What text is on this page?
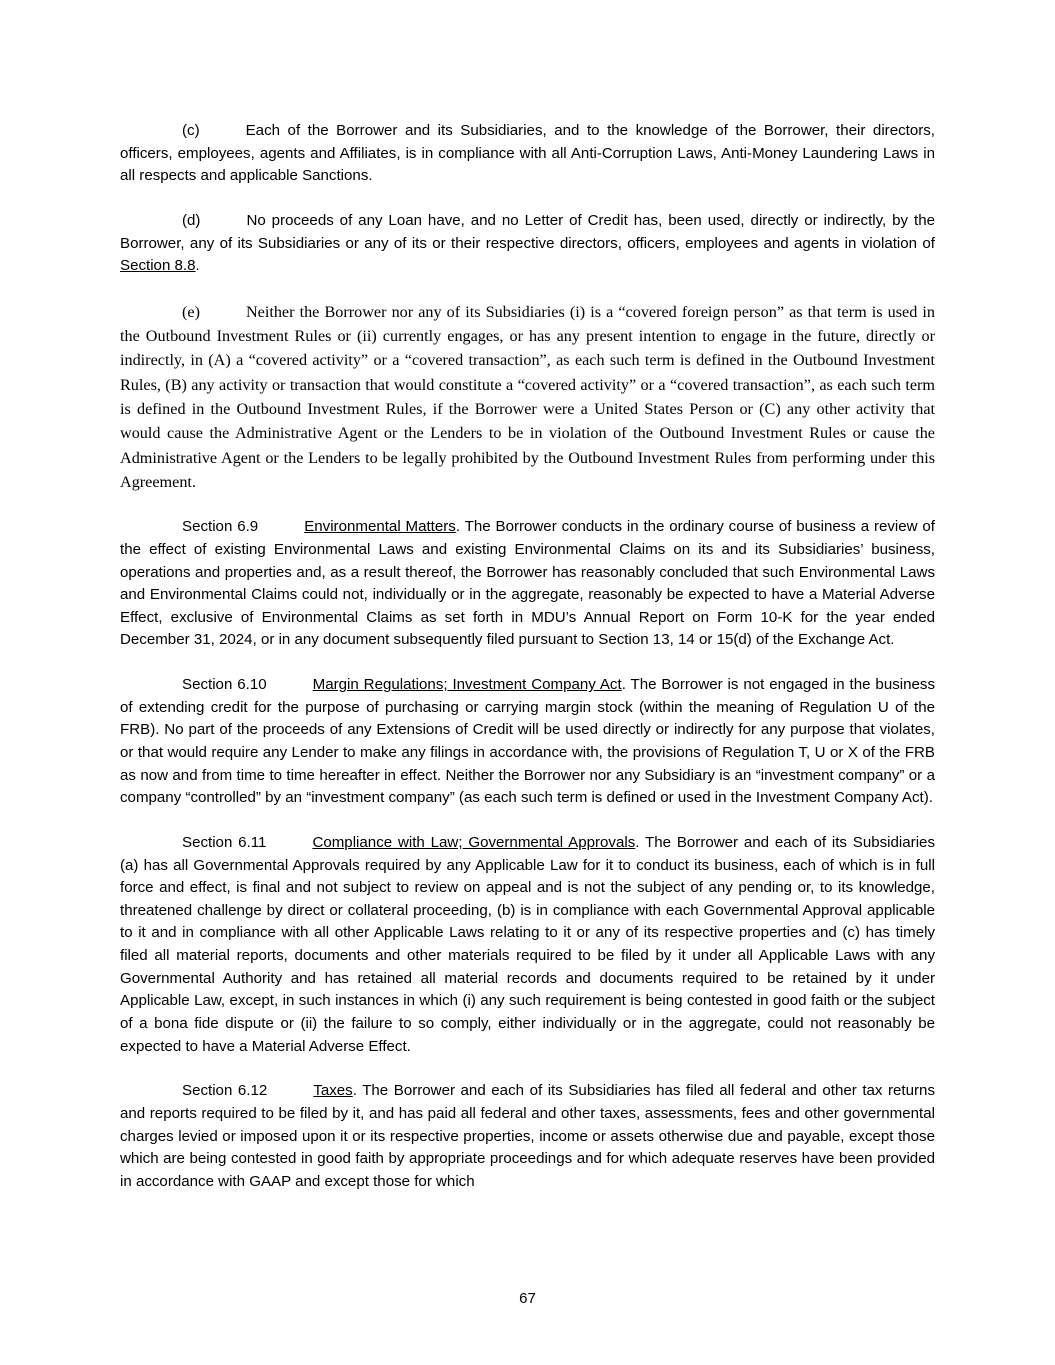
(c)	Each of the Borrower and its Subsidiaries, and to the knowledge of the Borrower, their directors, officers, employees, agents and Affiliates, is in compliance with all Anti-Corruption Laws, Anti-Money Laundering Laws in all respects and applicable Sanctions.

(d)	No proceeds of any Loan have, and no Letter of Credit has, been used, directly or indirectly, by the Borrower, any of its Subsidiaries or any of its or their respective directors, officers, employees and agents in violation of Section 8.8.

(e)	Neither the Borrower nor any of its Subsidiaries (i) is a “covered foreign person” as that term is used in the Outbound Investment Rules or (ii) currently engages, or has any present intention to engage in the future, directly or indirectly, in (A) a “covered activity” or a “covered transaction”, as each such term is defined in the Outbound Investment Rules, (B) any activity or transaction that would constitute a “covered activity” or a “covered transaction”, as each such term is defined in the Outbound Investment Rules, if the Borrower were a United States Person or (C) any other activity that would cause the Administrative Agent or the Lenders to be in violation of the Outbound Investment Rules or cause the Administrative Agent or the Lenders to be legally prohibited by the Outbound Investment Rules from performing under this Agreement.

Section 6.9	Environmental Matters. The Borrower conducts in the ordinary course of business a review of the effect of existing Environmental Laws and existing Environmental Claims on its and its Subsidiaries’ business, operations and properties and, as a result thereof, the Borrower has reasonably concluded that such Environmental Laws and Environmental Claims could not, individually or in the aggregate, reasonably be expected to have a Material Adverse Effect, exclusive of Environmental Claims as set forth in MDU’s Annual Report on Form 10-K for the year ended December 31, 2024, or in any document subsequently filed pursuant to Section 13, 14 or 15(d) of the Exchange Act.

Section 6.10	Margin Regulations; Investment Company Act. The Borrower is not engaged in the business of extending credit for the purpose of purchasing or carrying margin stock (within the meaning of Regulation U of the FRB). No part of the proceeds of any Extensions of Credit will be used directly or indirectly for any purpose that violates, or that would require any Lender to make any filings in accordance with, the provisions of Regulation T, U or X of the FRB as now and from time to time hereafter in effect. Neither the Borrower nor any Subsidiary is an “investment company” or a company “controlled” by an “investment company” (as each such term is defined or used in the Investment Company Act).

Section 6.11	Compliance with Law; Governmental Approvals. The Borrower and each of its Subsidiaries (a) has all Governmental Approvals required by any Applicable Law for it to conduct its business, each of which is in full force and effect, is final and not subject to review on appeal and is not the subject of any pending or, to its knowledge, threatened challenge by direct or collateral proceeding, (b) is in compliance with each Governmental Approval applicable to it and in compliance with all other Applicable Laws relating to it or any of its respective properties and (c) has timely filed all material reports, documents and other materials required to be filed by it under all Applicable Laws with any Governmental Authority and has retained all material records and documents required to be retained by it under Applicable Law, except, in such instances in which (i) any such requirement is being contested in good faith or the subject of a bona fide dispute or (ii) the failure to so comply, either individually or in the aggregate, could not reasonably be expected to have a Material Adverse Effect.

Section 6.12	Taxes. The Borrower and each of its Subsidiaries has filed all federal and other tax returns and reports required to be filed by it, and has paid all federal and other taxes, assessments, fees and other governmental charges levied or imposed upon it or its respective properties, income or assets otherwise due and payable, except those which are being contested in good faith by appropriate proceedings and for which adequate reserves have been provided in accordance with GAAP and except those for which

67
